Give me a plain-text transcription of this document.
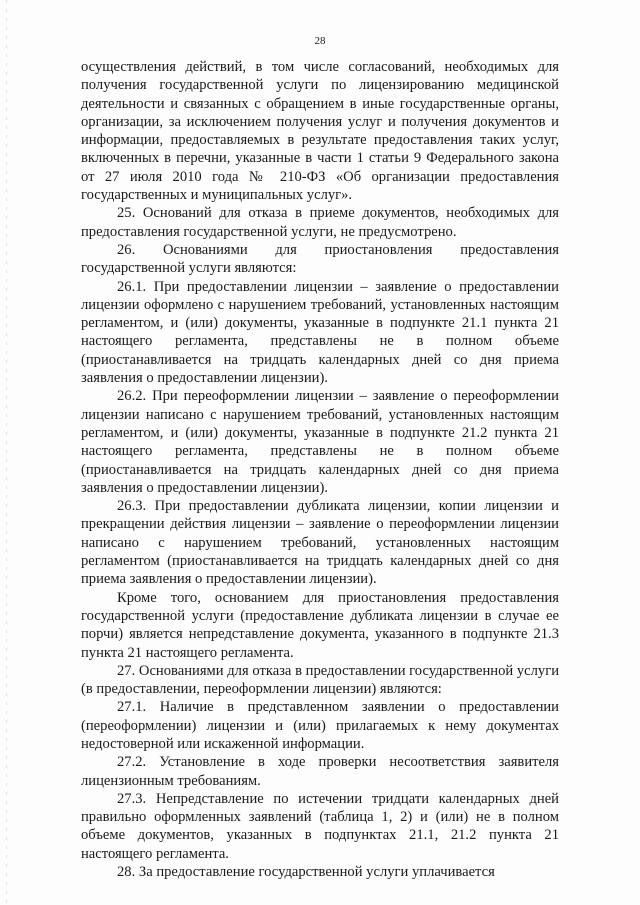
28

осуществления действий, в том числе согласований, необходимых для получения государственной услуги по лицензированию медицинской деятельности и связанных с обращением в иные государственные органы, организации, за исключением получения услуг и получения документов и информации, предоставляемых в результате предоставления таких услуг, включенных в перечни, указанные в части 1 статьи 9 Федерального закона от 27 июля 2010 года № 210-ФЗ «Об организации предоставления государственных и муниципальных услуг».

25. Оснований для отказа в приеме документов, необходимых для предоставления государственной услуги, не предусмотрено.

26. Основаниями для приостановления предоставления государственной услуги являются:

26.1. При предоставлении лицензии – заявление о предоставлении лицензии оформлено с нарушением требований, установленных настоящим регламентом, и (или) документы, указанные в подпункте 21.1 пункта 21 настоящего регламента, представлены не в полном объеме (приостанавливается на тридцать календарных дней со дня приема заявления о предоставлении лицензии).

26.2. При переоформлении лицензии – заявление о переоформлении лицензии написано с нарушением требований, установленных настоящим регламентом, и (или) документы, указанные в подпункте 21.2 пункта 21 настоящего регламента, представлены не в полном объеме (приостанавливается на тридцать календарных дней со дня приема заявления о предоставлении лицензии).

26.3. При предоставлении дубликата лицензии, копии лицензии и прекращении действия лицензии – заявление о переоформлении лицензии написано с нарушением требований, установленных настоящим регламентом (приостанавливается на тридцать календарных дней со дня приема заявления о предоставлении лицензии).

Кроме того, основанием для приостановления предоставления государственной услуги (предоставление дубликата лицензии в случае ее порчи) является непредставление документа, указанного в подпункте 21.3 пункта 21 настоящего регламента.

27. Основаниями для отказа в предоставлении государственной услуги (в предоставлении, переоформлении лицензии) являются:

27.1. Наличие в представленном заявлении о предоставлении (переоформлении) лицензии и (или) прилагаемых к нему документах недостоверной или искаженной информации.

27.2. Установление в ходе проверки несоответствия заявителя лицензионным требованиям.

27.3. Непредставление по истечении тридцати календарных дней правильно оформленных заявлений (таблица 1, 2) и (или) не в полном объеме документов, указанных в подпунктах 21.1, 21.2 пункта 21 настоящего регламента.

28. За предоставление государственной услуги уплачивается
